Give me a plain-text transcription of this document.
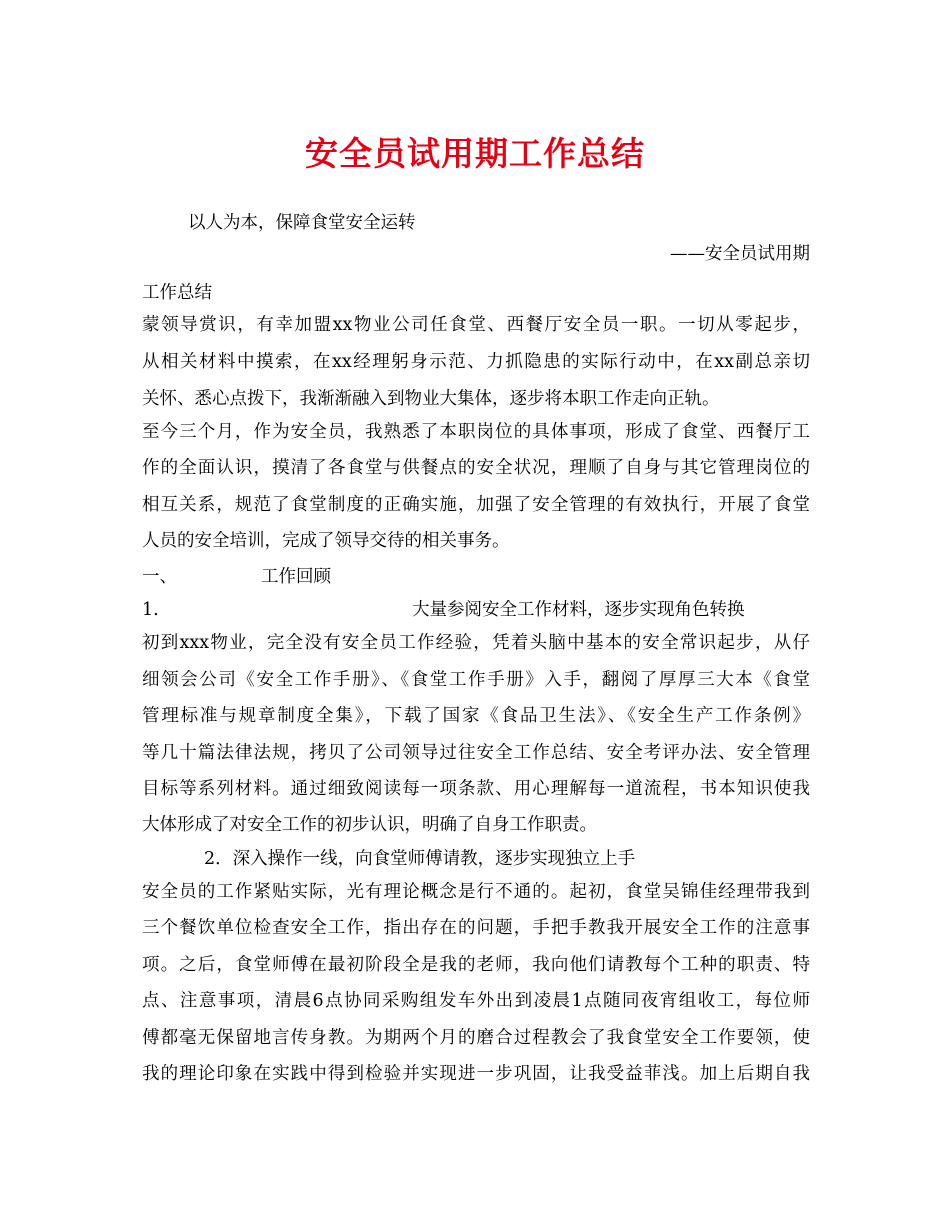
安全员试用期工作总结
以人为本，保障食堂安全运转
——安全员试用期
工作总结
蒙领导赏识，有幸加盟xx物业公司任食堂、西餐厅安全员一职。一切从零起步，
从相关材料中摸索，在xx经理躬身示范、力抓隐患的实际行动中，在xx副总亲切
关怀、悉心点拨下，我渐渐融入到物业大集体，逐步将本职工作走向正轨。
至今三个月，作为安全员，我熟悉了本职岗位的具体事项，形成了食堂、西餐厅工
作的全面认识，摸清了各食堂与供餐点的安全状况，理顺了自身与其它管理岗位的
相互关系，规范了食堂制度的正确实施，加强了安全管理的有效执行，开展了食堂
人员的安全培训，完成了领导交待的相关事务。
一、	工作回顾
1.	大量参阅安全工作材料，逐步实现角色转换
初到xxx物业，完全没有安全员工作经验，凭着头脑中基本的安全常识起步，从仔
细领会公司《安全工作手册》、《食堂工作手册》入手，翻阅了厚厚三大本《食堂
管理标准与规章制度全集》，下载了国家《食品卫生法》、《安全生产工作条例》
等几十篇法律法规，拷贝了公司领导过往安全工作总结、安全考评办法、安全管理
目标等系列材料。通过细致阅读每一项条款、用心理解每一道流程，书本知识使我
大体形成了对安全工作的初步认识，明确了自身工作职责。
2．深入操作一线，向食堂师傅请教，逐步实现独立上手
安全员的工作紧贴实际，光有理论概念是行不通的。起初，食堂吴锦佳经理带我到
三个餐饮单位检查安全工作，指出存在的问题，手把手教我开展安全工作的注意事
项。之后，食堂师傅在最初阶段全是我的老师，我向他们请教每个工种的职责、特
点、注意事项，清晨6点协同采购组发车外出到凌晨1点随同夜宵组收工，每位师
傅都毫无保留地言传身教。为期两个月的磨合过程教会了我食堂安全工作要领，使
我的理论印象在实践中得到检验并实现进一步巩固，让我受益菲浅。加上后期自我
